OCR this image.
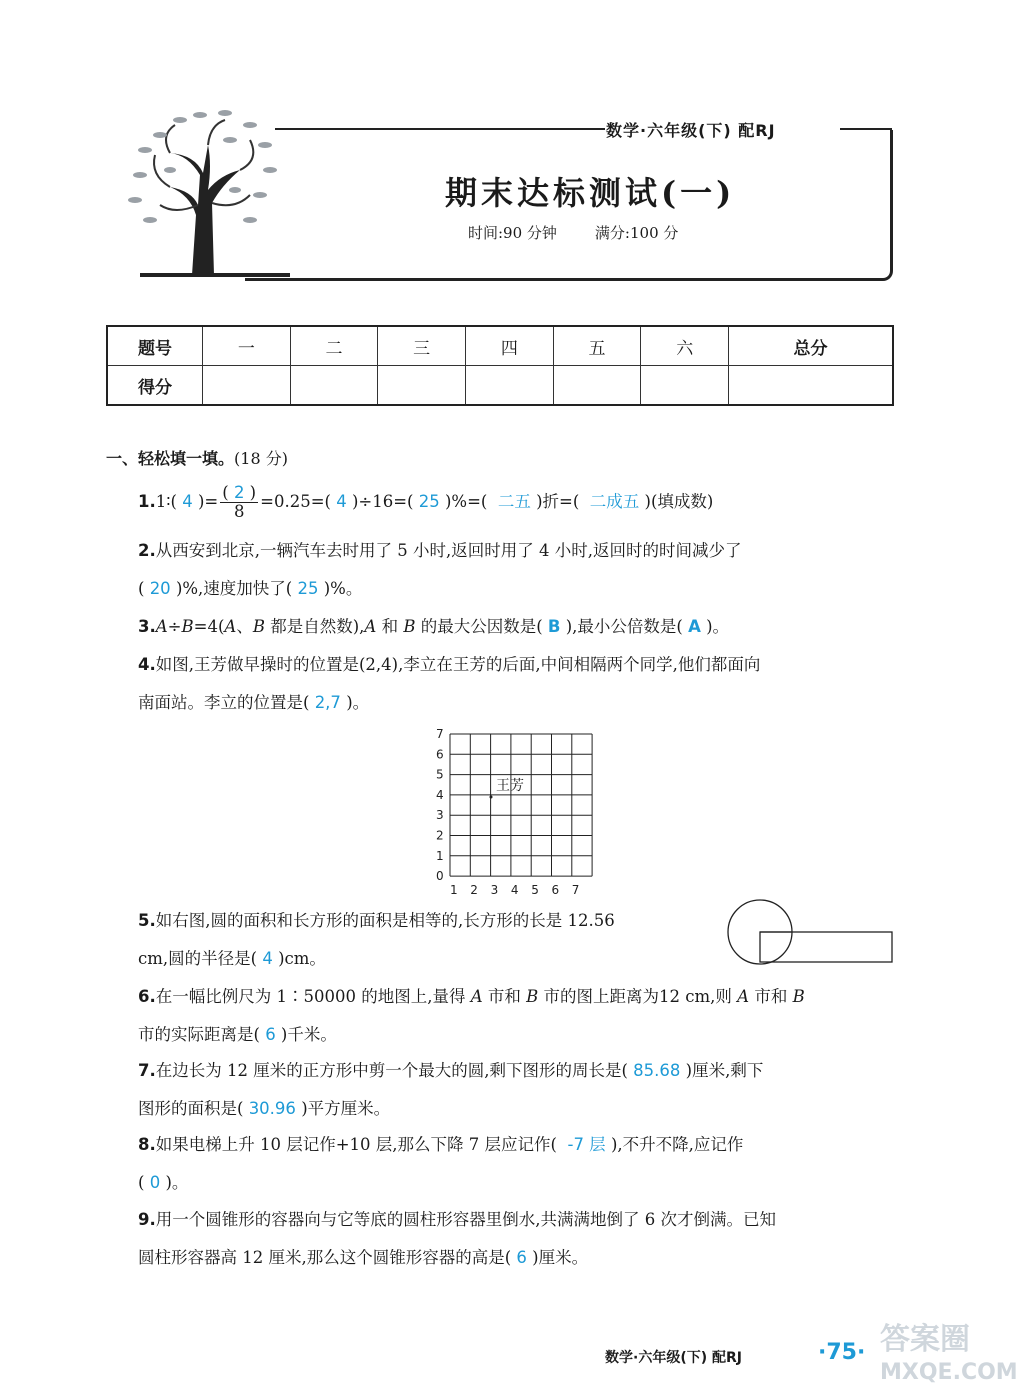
数学·六年级(下) 配RJ
期末达标测试(一)
时间:90 分钟	满分:100 分
题号	一	二	三	四	五	六	总分
得分							
一、轻松填一填。(18 分)
1.1∶( 4 )= $\frac{( 2 )}{8} =0.25=$( 4 )÷16=( 25 )%=(  二五 )折=(  二成五 )(填成数)
2.从西安到北京,一辆汽车去时用了 5 小时,返回时用了 4 小时,返回时的时间减少了
( 20 )%,速度加快了( 25 )%。
3.A÷B=4(A、B 都是自然数),A 和 B 的最大公因数是( B ),最小公倍数是( A )。
4.如图,王芳做早操时的位置是(2,4),李立在王芳的后面,中间相隔两个同学,他们都面向
南面站。李立的位置是( 2,7 )。
7
6
5
4
3
2
1
0
1 2 3 4 5 6 7
王芳
5.如右图,圆的面积和长方形的面积是相等的,长方形的长是 12.56
cm,圆的半径是( 4 )cm。
6.在一幅比例尺为 1∶50000 的地图上,量得 A 市和 B 市的图上距离为12 cm,则 A 市和 B
市的实际距离是( 6 )千米。
7.在边长为 12 厘米的正方形中剪一个最大的圆,剩下图形的周长是( 85.68 )厘米,剩下
图形的面积是( 30.96 )平方厘米。
8.如果电梯上升 10 层记作+10 层,那么下降 7 层应记作( -7 层 ),不升不降,应记作
( 0 )。
9.用一个圆锥形的容器向与它等底的圆柱形容器里倒水,共满满地倒了 6 次才倒满。已知
圆柱形容器高 12 厘米,那么这个圆锥形容器的高是( 6 )厘米。
数学·六年级(下) 配RJ	·75· 答案圈
MXQE.COM
